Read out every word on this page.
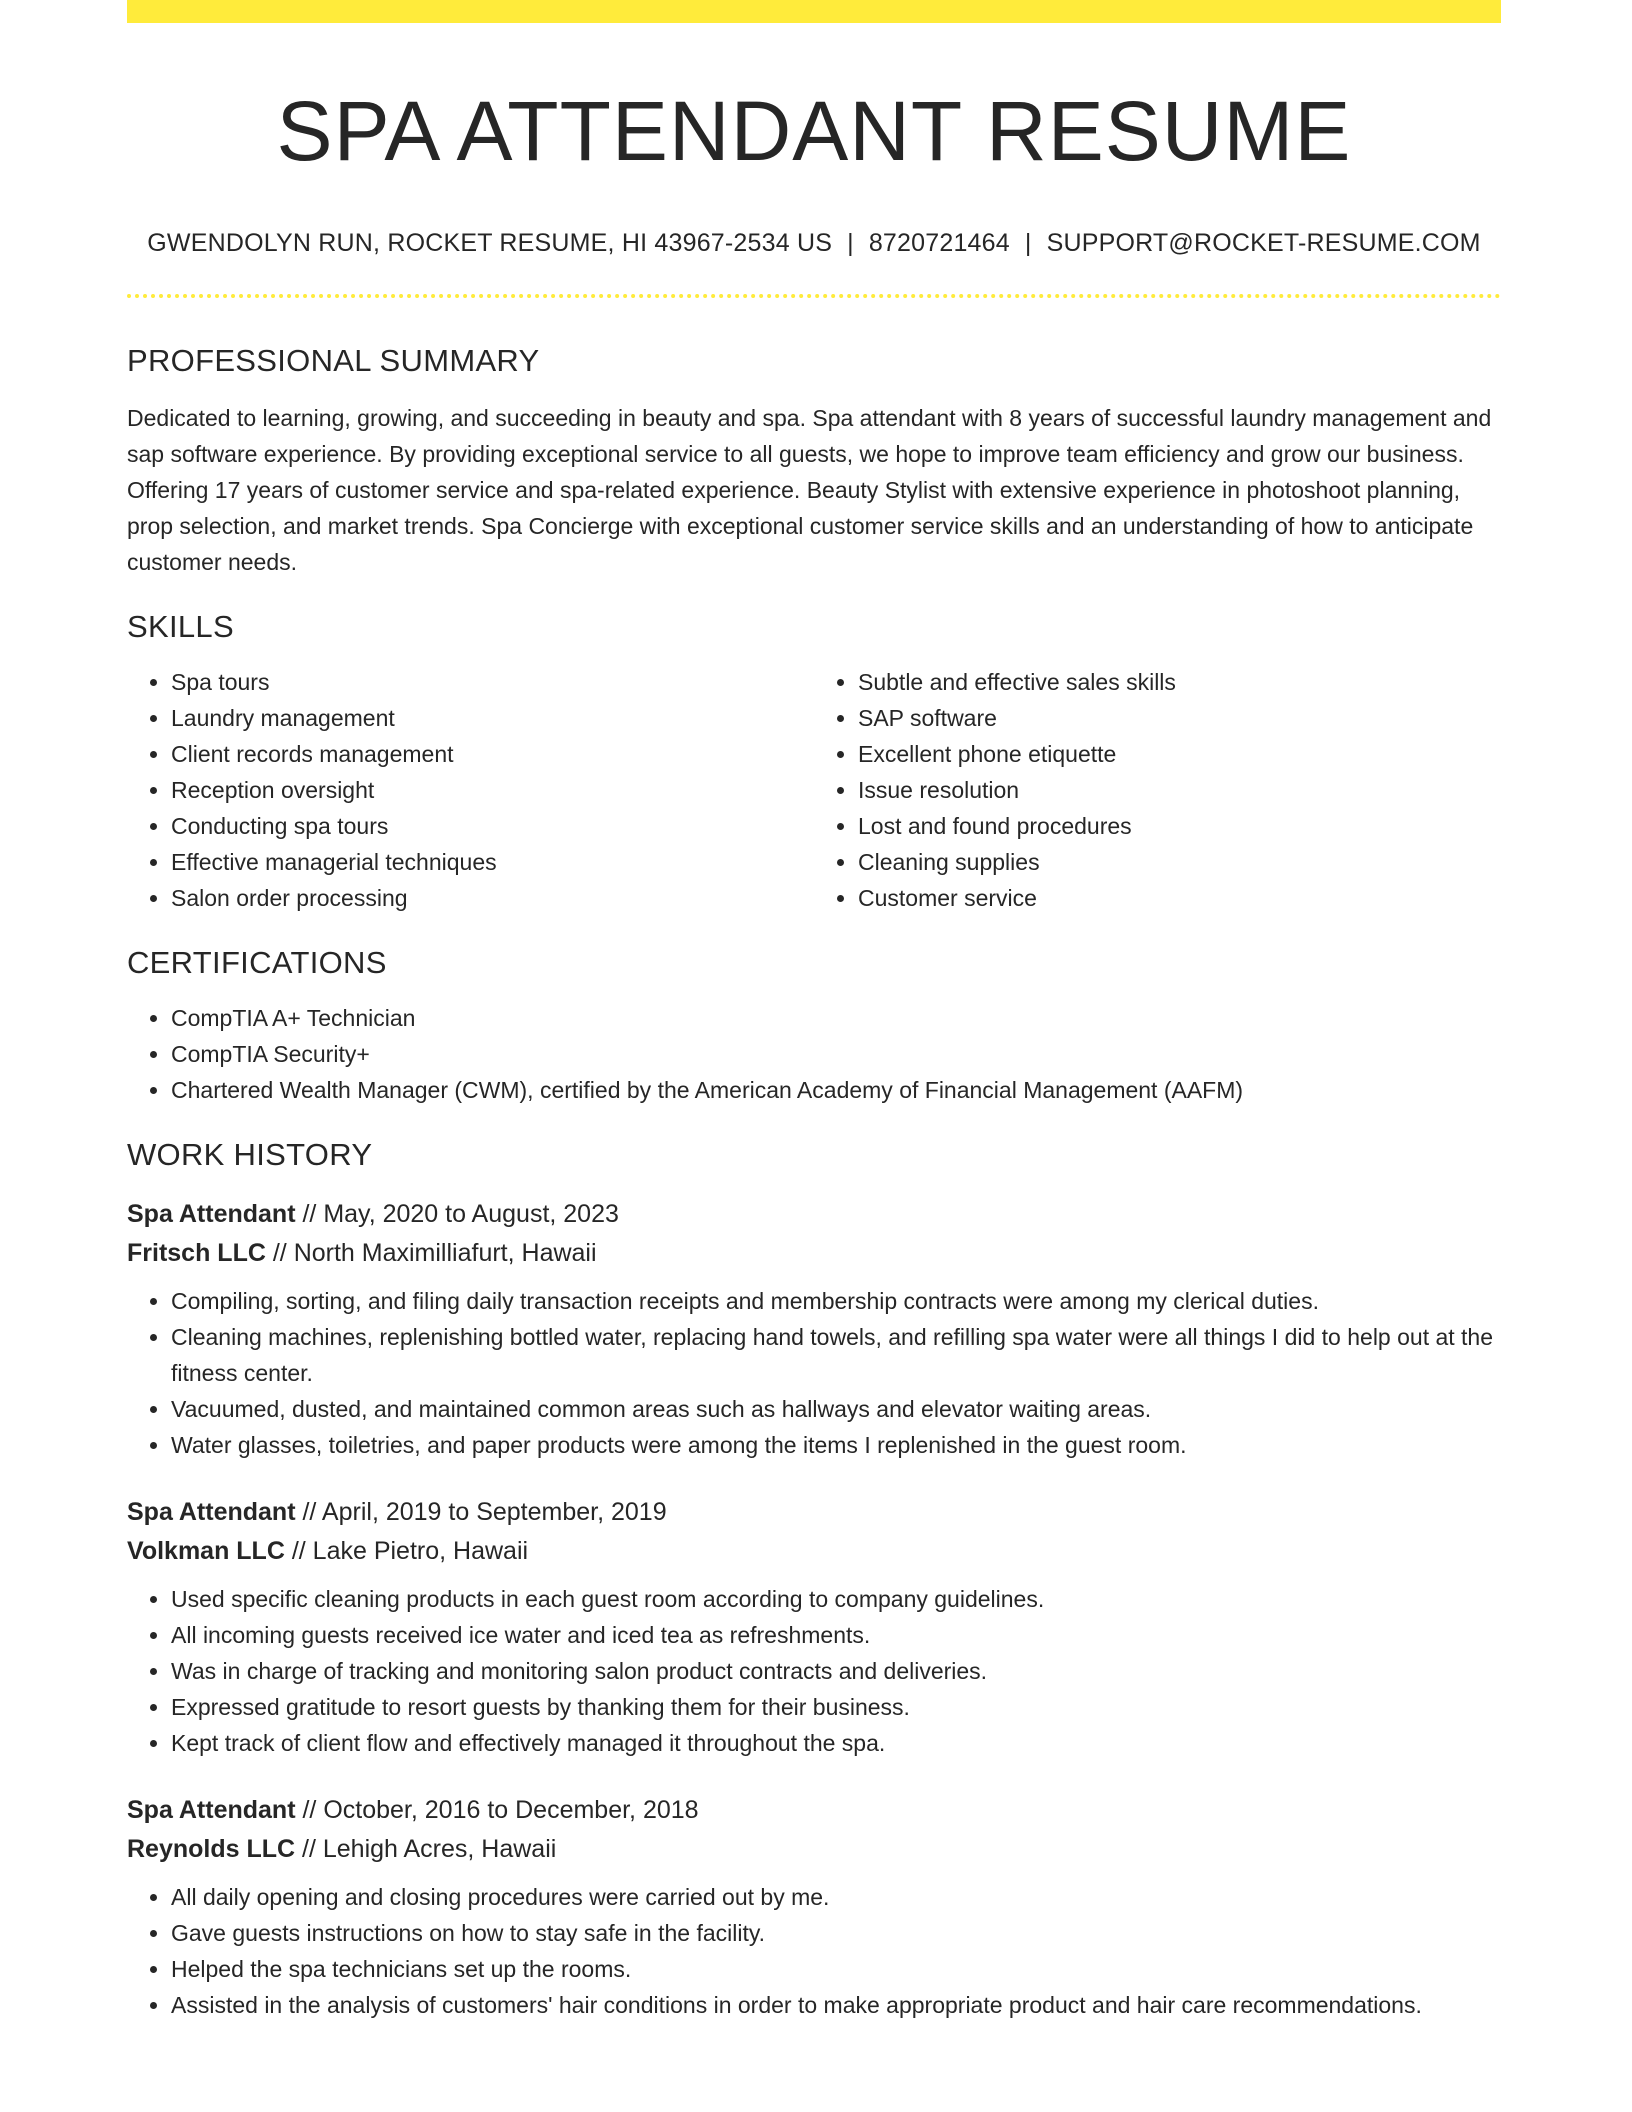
SPA ATTENDANT RESUME
GWENDOLYN RUN, ROCKET RESUME, HI 43967-2534 US | 8720721464 | SUPPORT@ROCKET-RESUME.COM
PROFESSIONAL SUMMARY
Dedicated to learning, growing, and succeeding in beauty and spa. Spa attendant with 8 years of successful laundry management and sap software experience. By providing exceptional service to all guests, we hope to improve team efficiency and grow our business. Offering 17 years of customer service and spa-related experience. Beauty Stylist with extensive experience in photoshoot planning, prop selection, and market trends. Spa Concierge with exceptional customer service skills and an understanding of how to anticipate customer needs.
SKILLS
• Spa tours
• Laundry management
• Client records management
• Reception oversight
• Conducting spa tours
• Effective managerial techniques
• Salon order processing
• Subtle and effective sales skills
• SAP software
• Excellent phone etiquette
• Issue resolution
• Lost and found procedures
• Cleaning supplies
• Customer service
CERTIFICATIONS
• CompTIA A+ Technician
• CompTIA Security+
• Chartered Wealth Manager (CWM), certified by the American Academy of Financial Management (AAFM)
WORK HISTORY
Spa Attendant // May, 2020 to August, 2023
Fritsch LLC // North Maximilliafurt, Hawaii
• Compiling, sorting, and filing daily transaction receipts and membership contracts were among my clerical duties.
• Cleaning machines, replenishing bottled water, replacing hand towels, and refilling spa water were all things I did to help out at the fitness center.
• Vacuumed, dusted, and maintained common areas such as hallways and elevator waiting areas.
• Water glasses, toiletries, and paper products were among the items I replenished in the guest room.
Spa Attendant // April, 2019 to September, 2019
Volkman LLC // Lake Pietro, Hawaii
• Used specific cleaning products in each guest room according to company guidelines.
• All incoming guests received ice water and iced tea as refreshments.
• Was in charge of tracking and monitoring salon product contracts and deliveries.
• Expressed gratitude to resort guests by thanking them for their business.
• Kept track of client flow and effectively managed it throughout the spa.
Spa Attendant // October, 2016 to December, 2018
Reynolds LLC // Lehigh Acres, Hawaii
• All daily opening and closing procedures were carried out by me.
• Gave guests instructions on how to stay safe in the facility.
• Helped the spa technicians set up the rooms.
• Assisted in the analysis of customers' hair conditions in order to make appropriate product and hair care recommendations.
